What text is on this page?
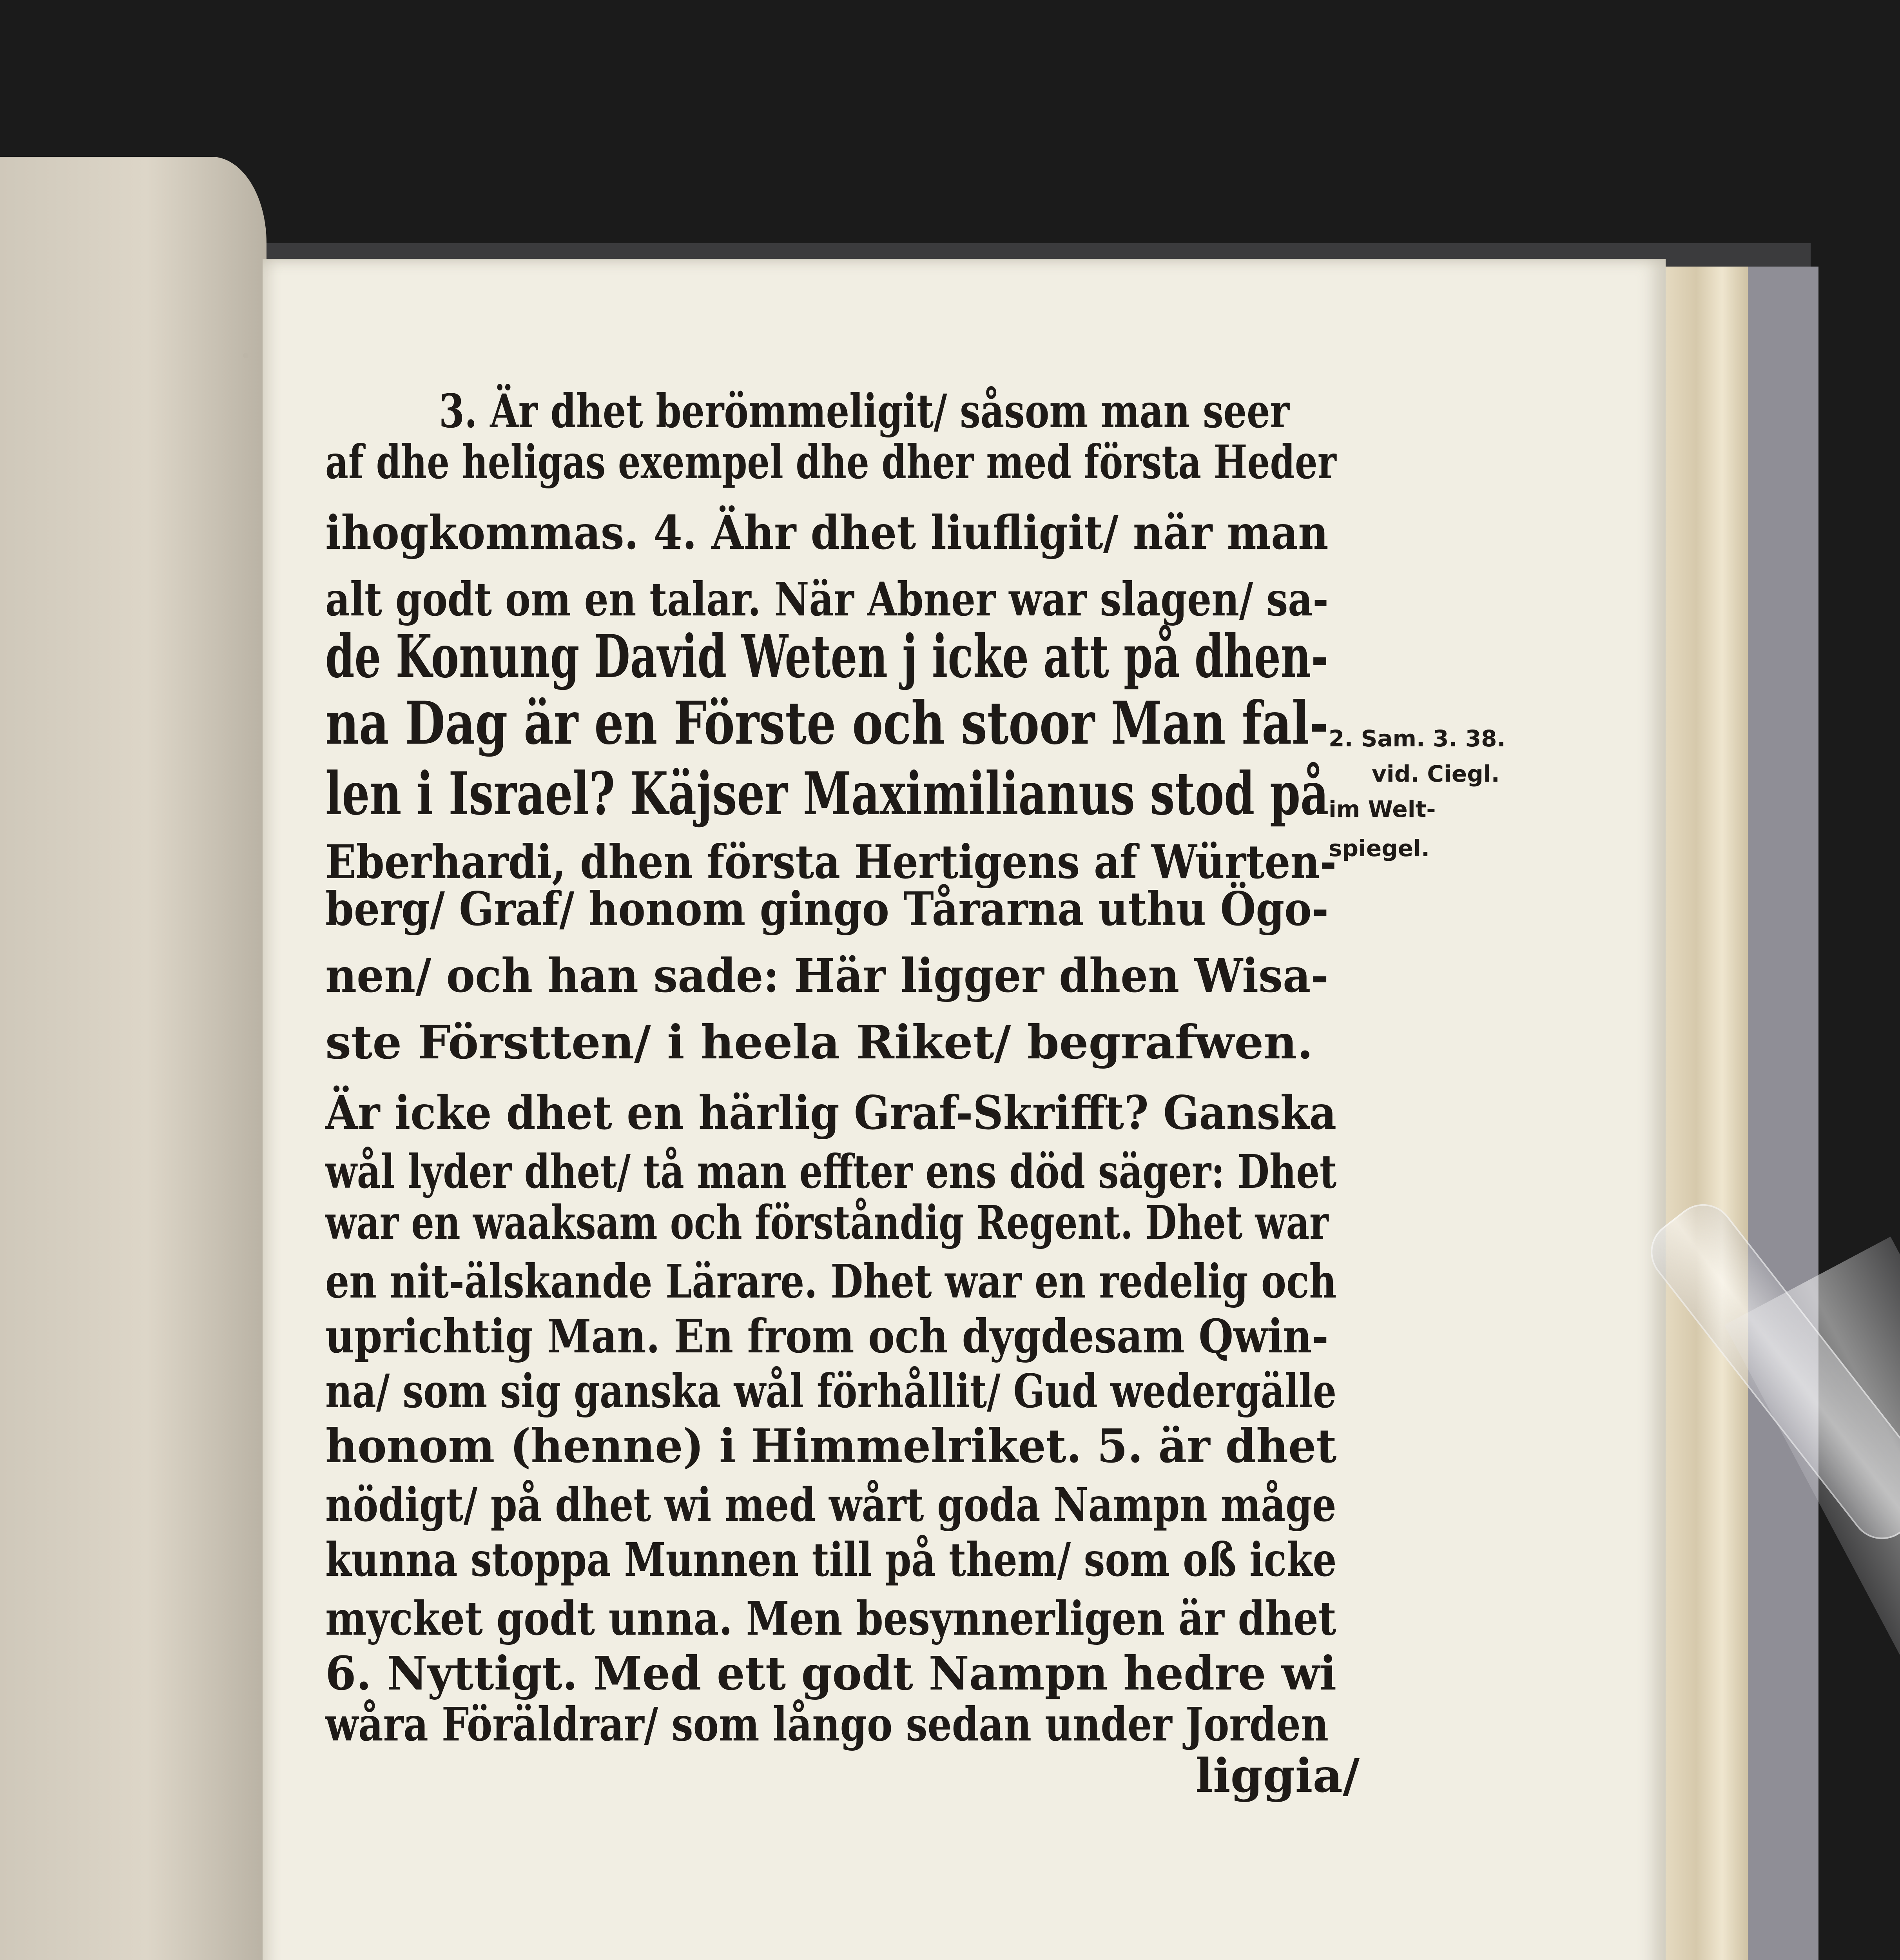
3. Är dhet berömmeligit/ såsom man seer
af dhe heligas exempel dhe dher med första Heder
ihogkommas. 4. Ähr dhet liufligit/ när man
alt godt om en talar. När Abner war slagen/ sa-
de Konung David Weten j icke att på dhen-
na Dag är en Förste och stoor Man fal-
len i Israel? Käjser Maximilianus stod på
Eberhardi, dhen första Hertigens af Würten-
berg/ Graf/ honom gingo Tårarna uthu Ögo-
nen/ och han sade: Här ligger dhen Wisa-
ste Förstten/ i heela Riket/ begrafwen.
Är icke dhet en härlig Graf-Skrifft? Ganska
wål lyder dhet/ tå man effter ens död säger: Dhet
war en waaksam och förståndig Regent. Dhet war
en nit-älskande Lärare. Dhet war en redelig och
uprichtig Man. En from och dygdesam Qwin-
na/ som sig ganska wål förhållit/ Gud wedergälle
honom (henne) i Himmelriket. 5. är dhet
nödigt/ på dhet wi med wårt goda Nampn måge
kunna stoppa Munnen till på them/ som oß icke
mycket godt unna. Men besynnerligen är dhet
6. Nyttigt. Med ett godt Nampn hedre wi
wåra Föräldrar/ som långo sedan under Jorden
liggia/
2. Sam. 3. 38.
vid. Ciegl.
im Welt-
spiegel.
